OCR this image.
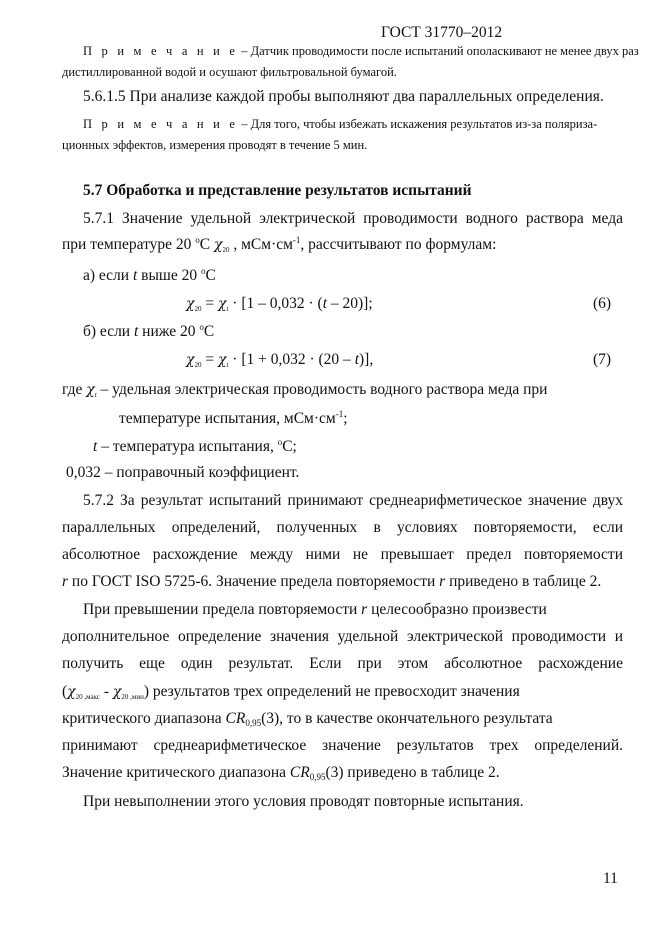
ГОСТ 31770–2012
П р и м е ч а н и е – Датчик проводимости после испытаний ополаскивают не менее двух раз
дистиллированной водой и осушают фильтровальной бумагой.
5.6.1.5 При анализе каждой пробы выполняют два параллельных определения.
П р и м е ч а н и е – Для того, чтобы избежать искажения результатов из-за поляриза-
ционных эффектов, измерения проводят в течение 5 мин.
5.7 Обработка и представление результатов испытаний
5.7.1 Значение удельной электрической проводимости водного раствора меда
при температуре 20 $^o$C $\chi_{20}$ , $мСм\cdot см^{-1}$, рассчитывают по формулам:
а) если t выше 20 $^o$C
$\chi_{20} = \chi_t \cdot [1 - 0,032 \cdot (t - 20)]$;	(6)
б) если t ниже 20 $^o$C
$\chi_{20} = \chi_t \cdot [1 + 0,032 \cdot (20 - t)]$,	(7)
где $\chi_t$ – удельная электрическая проводимость водного раствора меда при
температуре испытания, $мСм\cdot см^{-1}$;
t – температура испытания, $^o$C;
0,032 – поправочный коэффициент.
5.7.2 За результат испытаний принимают среднеарифметическое значение двух
параллельных определений, полученных в условиях повторяемости, если
абсолютное расхождение между ними не превышает предел повторяемости
r по ГОСТ ISO 5725-6. Значение предела повторяемости r приведено в таблице 2.
При превышении предела повторяемости r целесообразно произвести
дополнительное определение значения удельной электрической проводимости и
получить еще один результат. Если при этом абсолютное расхождение
$(\chi_{20 ,макс} - \chi_{20 ,мин})$ результатов трех определений не превосходит значения
критического диапазона $CR_{0,95}(3)$, то в качестве окончательного результата
принимают среднеарифметическое значение результатов трех определений.
Значение критического диапазона $CR_{0,95}(3)$ приведено в таблице 2.
При невыполнении этого условия проводят повторные испытания.
11
